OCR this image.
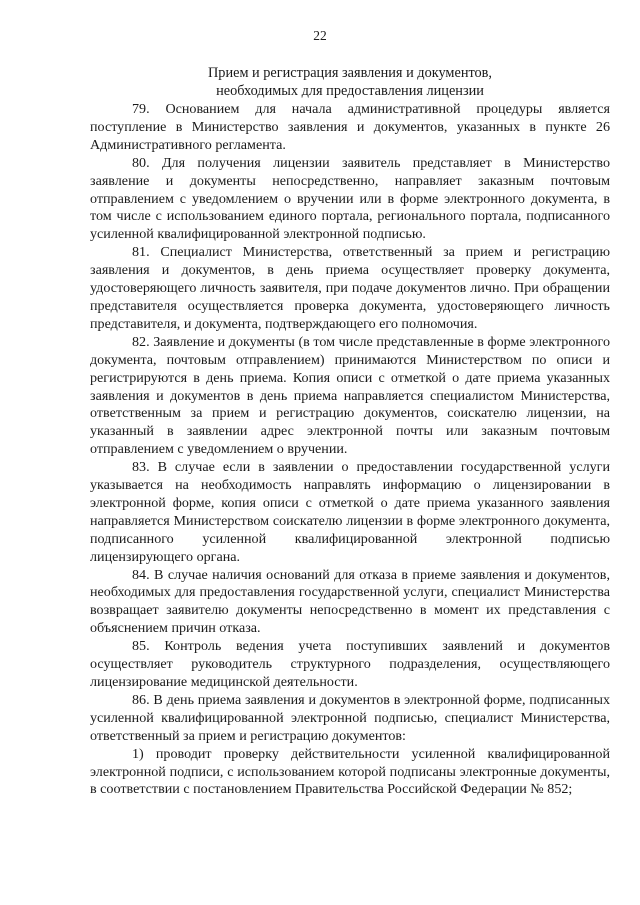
22
Прием и регистрация заявления и документов,
необходимых для предоставления лицензии

79. Основанием для начала административной процедуры является поступление в Министерство заявления и документов, указанных в пункте 26 Административного регламента.

80. Для получения лицензии заявитель представляет в Министерство заявление и документы непосредственно, направляет заказным почтовым отправлением с уведомлением о вручении или в форме электронного документа, в том числе с использованием единого портала, регионального портала, подписанного усиленной квалифицированной электронной подписью.

81. Специалист Министерства, ответственный за прием и регистрацию заявления и документов, в день приема осуществляет проверку документа, удостоверяющего личность заявителя, при подаче документов лично. При обращении представителя осуществляется проверка документа, удостоверяющего личность представителя, и документа, подтверждающего его полномочия.

82. Заявление и документы (в том числе представленные в форме электронного документа, почтовым отправлением) принимаются Министерством по описи и регистрируются в день приема. Копия описи с отметкой о дате приема указанных заявления и документов в день приема направляется специалистом Министерства, ответственным за прием и регистрацию документов, соискателю лицензии, на указанный в заявлении адрес электронной почты или заказным почтовым отправлением с уведомлением о вручении.

83. В случае если в заявлении о предоставлении государственной услуги указывается на необходимость направлять информацию о лицензировании в электронной форме, копия описи с отметкой о дате приема указанного заявления направляется Министерством соискателю лицензии в форме электронного документа, подписанного усиленной квалифицированной электронной подписью лицензирующего органа.

84. В случае наличия оснований для отказа в приеме заявления и документов, необходимых для предоставления государственной услуги, специалист Министерства возвращает заявителю документы непосредственно в момент их представления с объяснением причин отказа.

85. Контроль ведения учета поступивших заявлений и документов осуществляет руководитель структурного подразделения, осуществляющего лицензирование медицинской деятельности.

86. В день приема заявления и документов в электронной форме, подписанных усиленной квалифицированной электронной подписью, специалист Министерства, ответственный за прием и регистрацию документов:

1) проводит проверку действительности усиленной квалифицированной электронной подписи, с использованием которой подписаны электронные документы, в соответствии с постановлением Правительства Российской Федерации № 852;
